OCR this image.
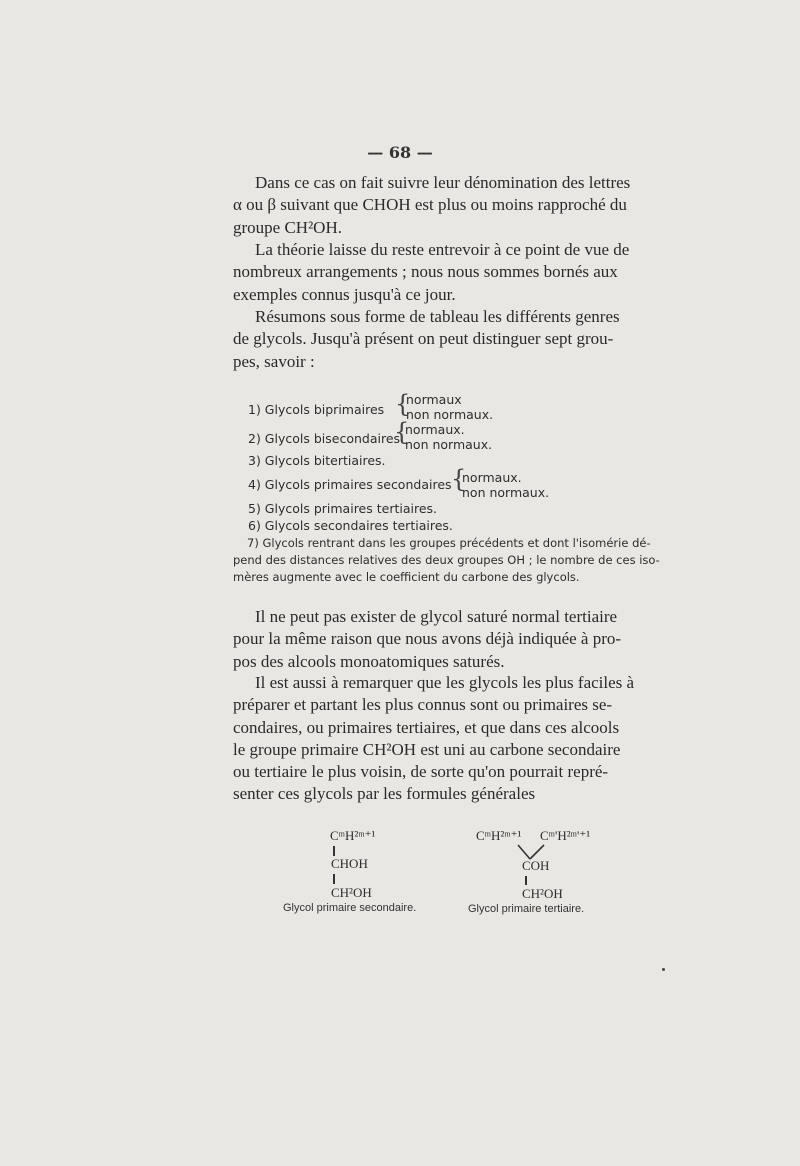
— 68 —
Dans ce cas on fait suivre leur dénomination des lettres
α ou β suivant que CHOH est plus ou moins rapproché du
groupe CH²OH.
La théorie laisse du reste entrevoir à ce point de vue de
nombreux arrangements ; nous nous sommes bornés aux
exemples connus jusqu'à ce jour.
Résumons sous forme de tableau les différents genres
de glycols. Jusqu'à présent on peut distinguer sept grou-
pes, savoir :
1) Glycols biprimaires {
normaux
non normaux.
2) Glycols bisecondaires
{
normaux.
non normaux.
3) Glycols bitertiaires.
4) Glycols primaires secondaires {
normaux.
non normaux.
5) Glycols primaires tertiaires.
6) Glycols secondaires tertiaires.
7) Glycols rentrant dans les groupes précédents et dont l'isomérie dé-
pend des distances relatives des deux groupes OH ; le nombre de ces iso-
mères augmente avec le coefficient du carbone des glycols.
Il ne peut pas exister de glycol saturé normal tertiaire
pour la même raison que nous avons déjà indiquée à pro-
pos des alcools monoatomiques saturés.
Il est aussi à remarquer que les glycols les plus faciles à
préparer et partant les plus connus sont ou primaires se-
condaires, ou primaires tertiaires, et que dans ces alcools
le groupe primaire CH²OH est uni au carbone secondaire
ou tertiaire le plus voisin, de sorte qu'on pourrait repré-
senter ces glycols par les formules générales
CᵐH²ᵐ⁺¹
CHOH
CH²OH
Glycol primaire secondaire.
CᵐH²ᵐ⁺¹ Cᵐ'H²ᵐ'⁺¹
COH
CH²OH
Glycol primaire tertiaire.
